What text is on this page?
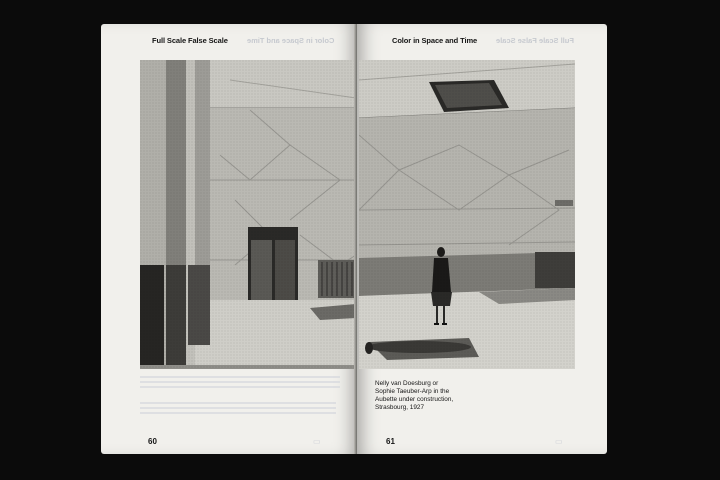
Full Scale False Scale	Color in Space and Time
60	▭
Color in Space and Time	Full Scale False Scale
Nelly van Doesburg or
Sophie Taeuber-Arp in the
Aubette under construction,
Strasbourg, 1927
61	▭
